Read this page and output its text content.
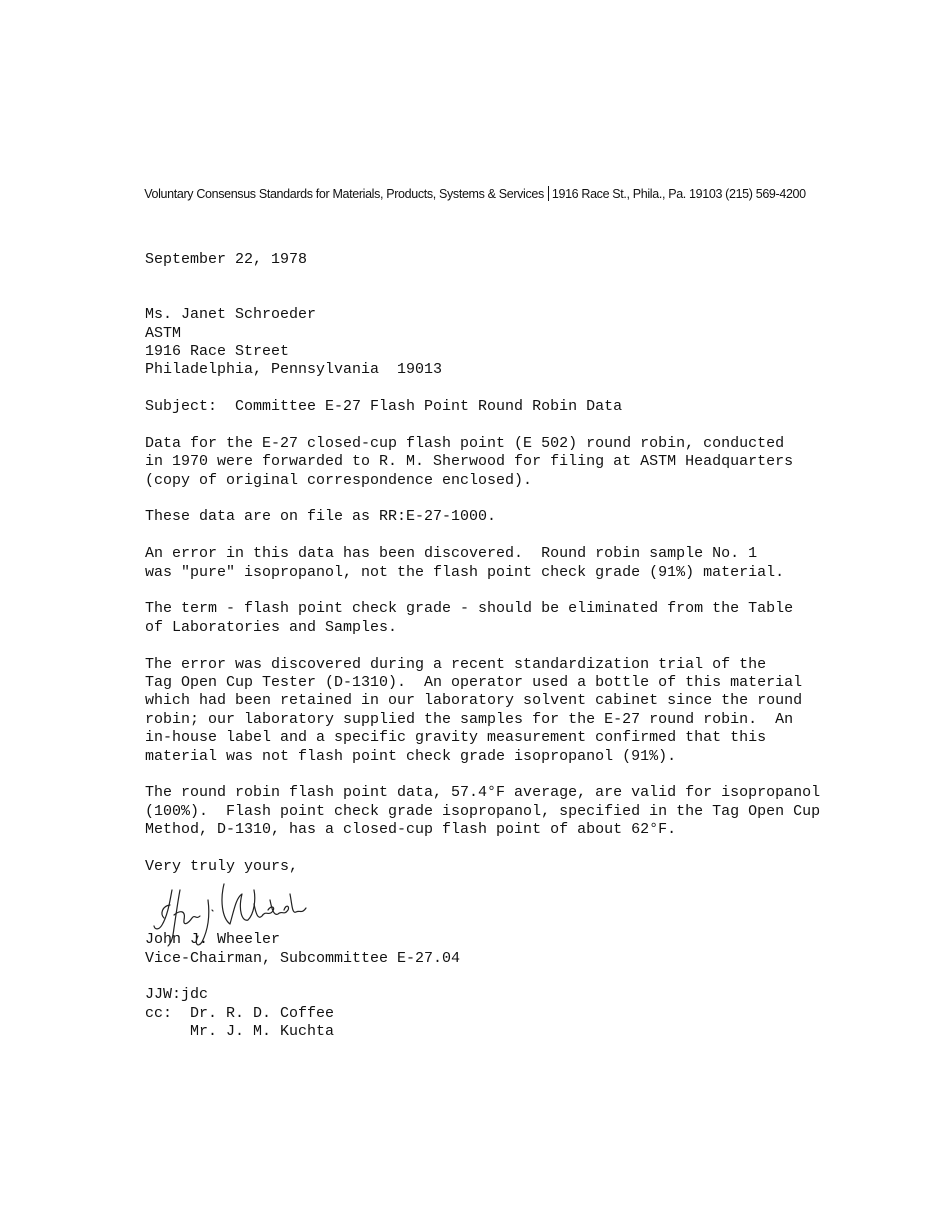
Voluntary Consensus Standards for Materials, Products, Systems & Services 1916 Race St., Phila., Pa. 19103 (215) 569-4200
September 22, 1978
Ms. Janet Schroeder
ASTM
1916 Race Street
Philadelphia, Pennsylvania  19013
Subject:  Committee E-27 Flash Point Round Robin Data
Data for the E-27 closed-cup flash point (E 502) round robin, conducted
in 1970 were forwarded to R. M. Sherwood for filing at ASTM Headquarters
(copy of original correspondence enclosed).
These data are on file as RR:E-27-1000.
An error in this data has been discovered.  Round robin sample No. 1
was "pure" isopropanol, not the flash point check grade (91%) material.
The term - flash point check grade - should be eliminated from the Table
of Laboratories and Samples.
The error was discovered during a recent standardization trial of the
Tag Open Cup Tester (D-1310).  An operator used a bottle of this material
which had been retained in our laboratory solvent cabinet since the round
robin; our laboratory supplied the samples for the E-27 round robin.  An
in-house label and a specific gravity measurement confirmed that this
material was not flash point check grade isopropanol (91%).
The round robin flash point data, 57.4°F average, are valid for isopropanol
(100%).  Flash point check grade isopropanol, specified in the Tag Open Cup
Method, D-1310, has a closed-cup flash point of about 62°F.
Very truly yours,
John J. Wheeler
Vice-Chairman, Subcommittee E-27.04
JJW:jdc
cc:  Dr. R. D. Coffee
Mr. J. M. Kuchta
